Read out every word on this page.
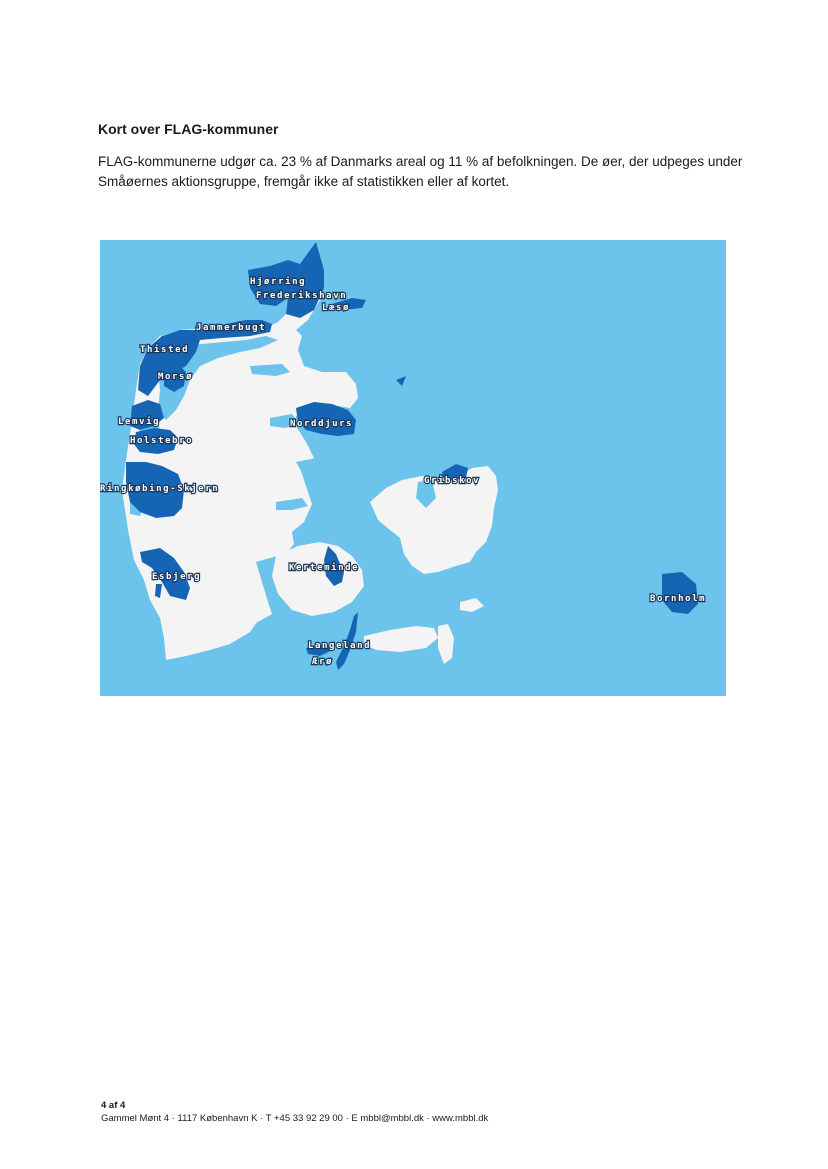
Kort over FLAG-kommuner

FLAG-kommunerne udgør ca. 23 % af Danmarks areal og 11 % af befolkningen. De øer, der udpeges under Småøernes aktionsgruppe, fremgår ikke af statistikken eller af kortet.

Hjørring
Frederikshavn
Læsø
Jammerbugt
Thisted
Morsø
Lemvig
Holstebro
Norddjurs
Ringkøbing-Skjern
Gribskov
Esbjerg
Kerteminde
Bornholm
Langeland
Ærø
4 af 4
Gammel Mønt 4 · 1117 København K · T +45 33 92 29 00 · E mbbl@mbbl.dk · www.mbbl.dk
